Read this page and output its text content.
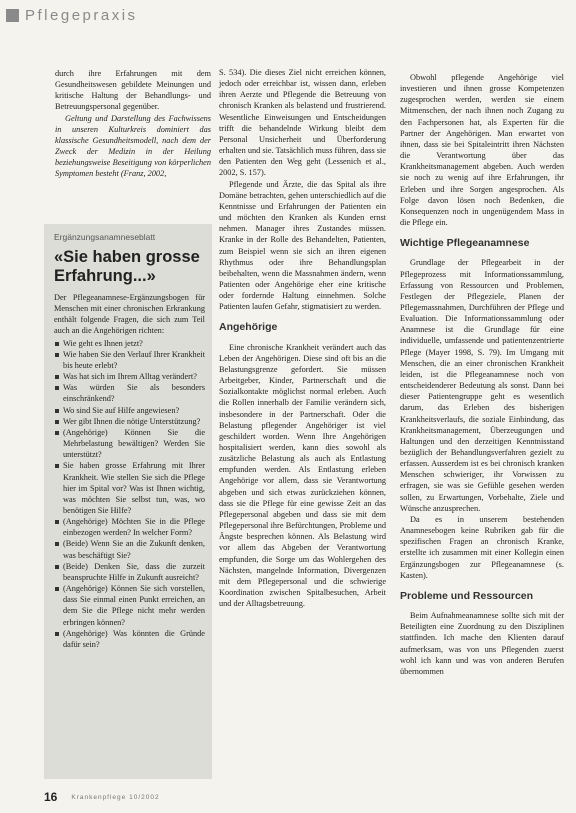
Pflegepraxis

durch ihre Erfahrungen mit dem Gesundheitswesen gebildete Meinungen und kritische Haltung der Behandlungs- und Betreuungspersonal gegenüber.

Geltung und Darstellung des Fachwissens in unseren Kulturkreis dominiert das klassische Gesundheitsmodell, nach dem der Zweck der Medizin in der Heilung beziehungsweise Beseitigung von körperlichen Symptomen besteht (Franz, 2002,

Ergänzungsanamneseblatt
«Sie haben grosse Erfahrung...»
Der Pflegeanamnese-Ergänzungsbogen für Menschen mit einer chronischen Erkrankung enthält folgende Fragen, die sich zum Teil auch an die Angehörigen richten:
Wie geht es Ihnen jetzt?
Wie haben Sie den Verlauf Ihrer Krankheit bis heute erlebt?
Was hat sich im Ihrem Alltag verändert?
Was würden Sie als besonders einschränkend?
Wo sind Sie auf Hilfe angewiesen?
Wer gibt Ihnen die nötige Unterstützung?
(Angehörige) Können Sie die Mehrbelastung bewältigen? Werden Sie unterstützt?
Sie haben grosse Erfahrung mit Ihrer Krankheit. Wie stellen Sie sich die Pflege hier im Spital vor? Was ist Ihnen wichtig, was möchten Sie selbst tun, was, wo benötigen Sie Hilfe?
(Angehörige) Möchten Sie in die Pflege einbezogen werden? In welcher Form?
(Beide) Wenn Sie an die Zukunft denken, was beschäftigt Sie?
(Beide) Denken Sie, dass die zurzeit beanspruchte Hilfe in Zukunft ausreicht?
(Angehörige) Können Sie sich vorstellen, dass Sie einmal einen Punkt erreichen, an dem Sie die Pflege nicht mehr werden erbringen können?
(Angehörige) Was könnten die Gründe dafür sein?

S. 534). Die dieses Ziel nicht erreichen können, jedoch oder erreichbar ist, wissen dann, erleben ihren Aerzte und Pflegende die Betreuung von chronisch Kranken als belastend und frustrierend. Wesentliche Einweisungen und Entscheidungen trifft die behandelnde Wirkung bleibt dem Personal Unsicherheit und Überforderung erhalten und sie. Tatsächlich muss führen, dass sie den Patienten den Weg geht (Lessenich et al., 2002, S. 157).

Pflegende und Ärzte, die das Spital als ihre Domäne betrachten, gehen unterschiedlich auf die Kenntnisse und Erfahrungen der Patienten ein und möchten den Kranken als Kunden ernst nehmen. Manager ihres Zustandes müssen. Kranke in der Rolle des Behandelten, Patienten, zum Beispiel wenn sie sich an ihren eigenen Rhythmus oder ihre Behandlungsplan beibehalten, wenn die Massnahmen ändern, wenn Patienten oder Angehörige eher eine kritische oder fordernde Haltung einnehmen. Solche Patienten laufen Gefahr, stigmatisiert zu werden.

Angehörige

Eine chronische Krankheit verändert auch das Leben der Angehörigen. Diese sind oft bis an die Belastungsgrenze gefordert. Sie müssen Arbeitgeber, Kinder, Partnerschaft und die Sozialkontakte möglichst normal erleben. Auch die Rollen innerhalb der Familie verändern sich, insbesondere in der Partnerschaft. Oder die Belastung pflegender Angehöriger ist viel geschildert worden. Wenn Ihre Angehörigen hospitalisiert werden, kann dies sowohl als zusätzliche Belastung als auch als Entlastung empfunden werden. Als Entlastung erleben Angehörige vor allem, dass sie Verantwortung abgeben und sich etwas zurückziehen können, dass sie die Pflege für eine gewisse Zeit an das Pflegepersonal abgeben und dass sie mit dem Pflegepersonal ihre Befürchtungen, Probleme und Ängste besprechen können. Als Belastung wird vor allem das Abgeben der Verantwortung empfunden, die Sorge um das Wohlergehen des Nächsten, mangelnde Information, Divergenzen mit dem Pflegepersonal und die schwierige Koordination zwischen Spitalbesuchen, Arbeit und der Alltagsbetreuung.

Obwohl pflegende Angehörige viel investieren und ihnen grosse Kompetenzen zugesprochen werden, werden sie einem Mitmenschen, der nach ihnen noch Zugang zu den Fachpersonen hat, als Experten für die Partner der Angehörigen. Man erwartet von ihnen, dass sie bei Spitaleintritt ihren Nächsten die Verantwortung über das Krankheitsmanagement abgeben. Auch werden sie noch zu wenig auf ihre Erfahrungen, ihr Erleben und ihre Sorgen angesprochen. Als Folge davon lösen noch Bedenken, die Konsequenzen noch in ungenügendem Mass in die Pflege ein.

Wichtige Pflegeanamnese

Grundlage der Pflegearbeit in der Pflegeprozess mit Informationssammlung, Erfassung von Ressourcen und Problemen, Festlegen der Pflegeziele, Planen der Pflegemassnahmen, Durchführen der Pflege und Evaluation. Die Informationssammlung oder Anamnese ist die Grundlage für eine individuelle, umfassende und patientenzentrierte Pflege (Mayer 1998, S. 79). Im Umgang mit Menschen, die an einer chronischen Krankheit leiden, ist die Pflegeanamnese noch von entscheidenderer Bedeutung als sonst. Dann bei dieser Patientengruppe geht es wesentlich darum, das Erleben des bisherigen Krankheitsverlaufs, die soziale Einbindung, das Krankheitsmanagement, Überzeugungen und Haltungen und den derzeitigen Kenntnisstand bezüglich der Behandlungsverfahren gezielt zu erfassen. Ausserdem ist es bei chronisch kranken Menschen schwieriger, ihr Vorwissen zu erfragen, sie was sie Gefühle gesehen werden sollen, zu Erwartungen, Vorbehalte, Ziele und Wünsche anzusprechen.

Da es in unserem bestehenden Anamnesebogen keine Rubriken gab für die spezifischen Fragen an chronisch Kranke, erstellte ich zusammen mit einer Kollegin einen Ergänzungsbogen zur Pflegeanamnese (s. Kasten).

Probleme und Ressourcen

Beim Aufnahmeanamnese sollte sich mit der Beteiligten eine Zuordnung zu den Disziplinen stattfinden. Ich mache den Klienten darauf aufmerksam, was von uns Pflegenden zuerst wohl ich kann und was von anderen Berufen übernommen

16 Krankenpflege 10/2002
